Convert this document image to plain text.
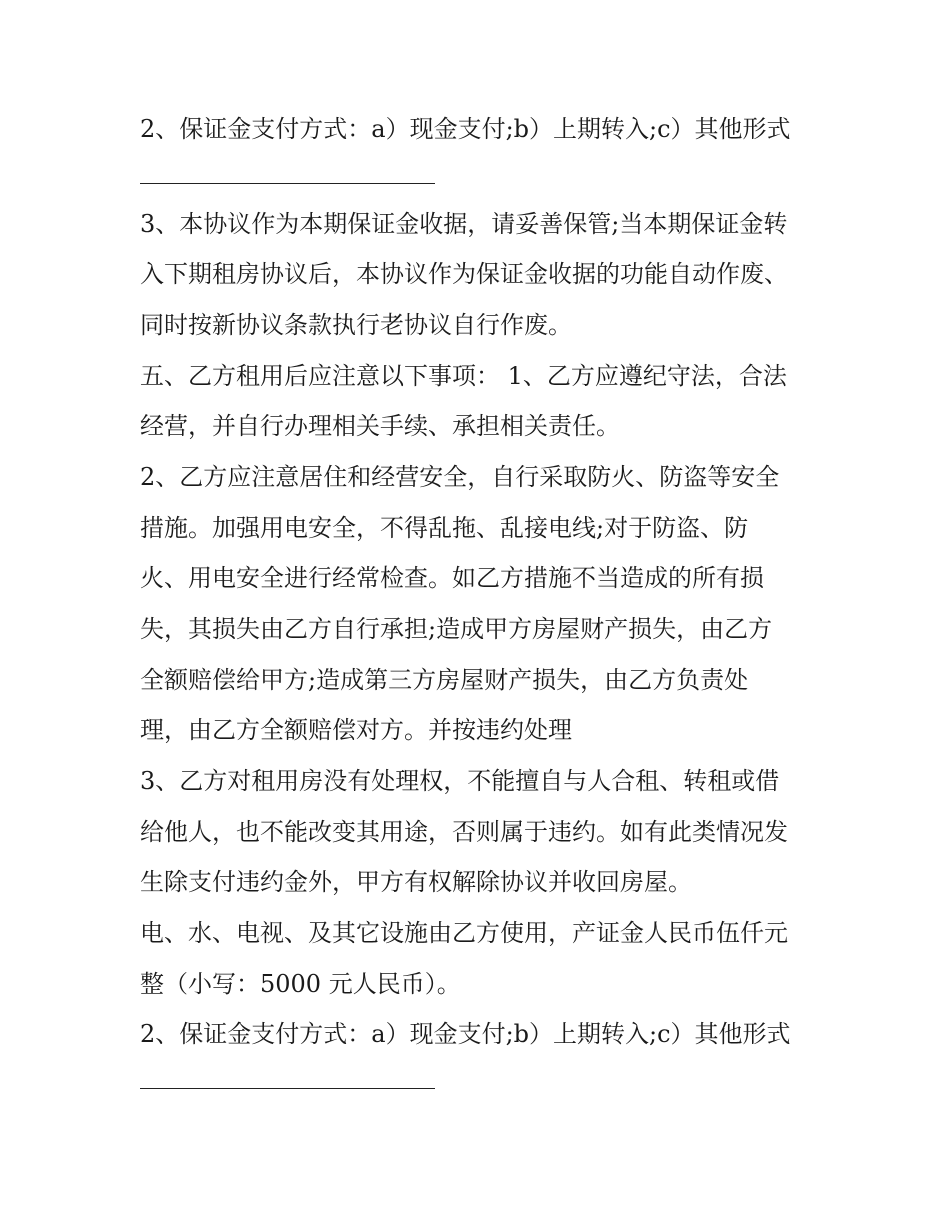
2、保证金支付方式：a）现金支付;b）上期转入;c）其他形式
3、本协议作为本期保证金收据，请妥善保管;当本期保证金转
入下期租房协议后，本协议作为保证金收据的功能自动作废、
同时按新协议条款执行老协议自行作废。
五、乙方租用后应注意以下事项： 1、乙方应遵纪守法，合法
经营，并自行办理相关手续、承担相关责任。
2、乙方应注意居住和经营安全，自行采取防火、防盗等安全
措施。加强用电安全，不得乱拖、乱接电线;对于防盗、防
火、用电安全进行经常检查。如乙方措施不当造成的所有损
失，其损失由乙方自行承担;造成甲方房屋财产损失，由乙方
全额赔偿给甲方;造成第三方房屋财产损失，由乙方负责处
理，由乙方全额赔偿对方。并按违约处理
3、乙方对租用房没有处理权，不能擅自与人合租、转租或借
给他人，也不能改变其用途，否则属于违约。如有此类情况发
生除支付违约金外，甲方有权解除协议并收回房屋。
电、水、电视、及其它设施由乙方使用，产证金人民币伍仟元
整（小写：5000 元人民币）。
2、保证金支付方式：a）现金支付;b）上期转入;c）其他形式
